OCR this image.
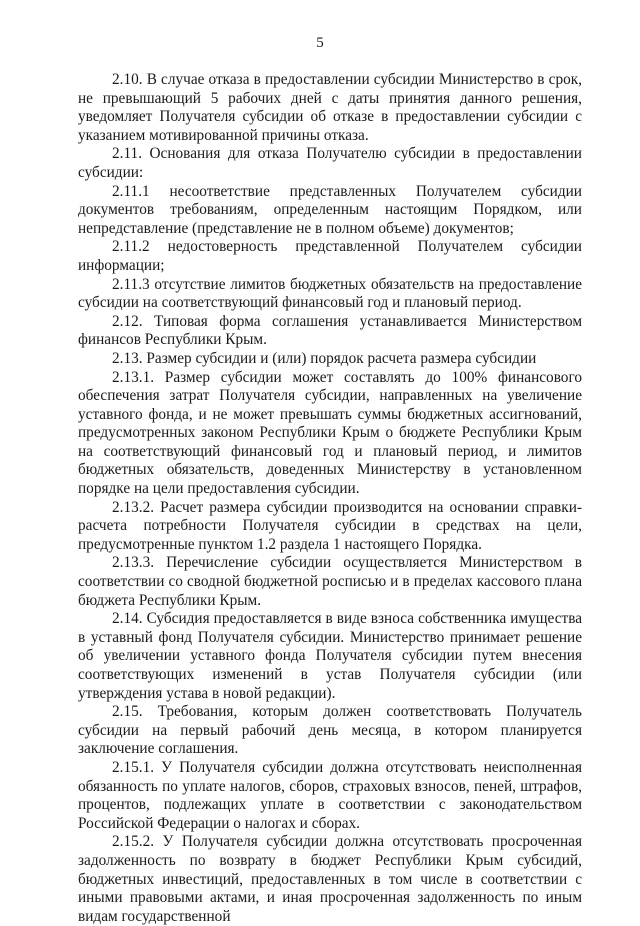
5

2.10. В случае отказа в предоставлении субсидии Министерство в срок, не превышающий 5 рабочих дней с даты принятия данного решения, уведомляет Получателя субсидии об отказе в предоставлении субсидии с указанием мотивированной причины отказа.

2.11. Основания для отказа Получателю субсидии в предоставлении субсидии:

2.11.1 несоответствие представленных Получателем субсидии документов требованиям, определенным настоящим Порядком, или непредставление (представление не в полном объеме) документов;

2.11.2 недостоверность представленной Получателем субсидии информации;

2.11.3 отсутствие лимитов бюджетных обязательств на предоставление субсидии на соответствующий финансовый год и плановый период.

2.12. Типовая форма соглашения устанавливается Министерством финансов Республики Крым.

2.13. Размер субсидии и (или) порядок расчета размера субсидии

2.13.1. Размер субсидии может составлять до 100% финансового обеспечения затрат Получателя субсидии, направленных на увеличение уставного фонда, и не может превышать суммы бюджетных ассигнований, предусмотренных законом Республики Крым о бюджете Республики Крым на соответствующий финансовый год и плановый период, и лимитов бюджетных обязательств, доведенных Министерству в установленном порядке на цели предоставления субсидии.

2.13.2. Расчет размера субсидии производится на основании справки-расчета потребности Получателя субсидии в средствах на цели, предусмотренные пунктом 1.2 раздела 1 настоящего Порядка.

2.13.3. Перечисление субсидии осуществляется Министерством в соответствии со сводной бюджетной росписью и в пределах кассового плана бюджета Республики Крым.

2.14. Субсидия предоставляется в виде взноса собственника имущества в уставный фонд Получателя субсидии. Министерство принимает решение об увеличении уставного фонда Получателя субсидии путем внесения соответствующих изменений в устав Получателя субсидии (или утверждения устава в новой редакции).

2.15. Требования, которым должен соответствовать Получатель субсидии на первый рабочий день месяца, в котором планируется заключение соглашения.

2.15.1. У Получателя субсидии должна отсутствовать неисполненная обязанность по уплате налогов, сборов, страховых взносов, пеней, штрафов, процентов, подлежащих уплате в соответствии с законодательством Российской Федерации о налогах и сборах.

2.15.2. У Получателя субсидии должна отсутствовать просроченная задолженность по возврату в бюджет Республики Крым субсидий, бюджетных инвестиций, предоставленных в том числе в соответствии с иными правовыми актами, и иная просроченная задолженность по иным видам государственной
